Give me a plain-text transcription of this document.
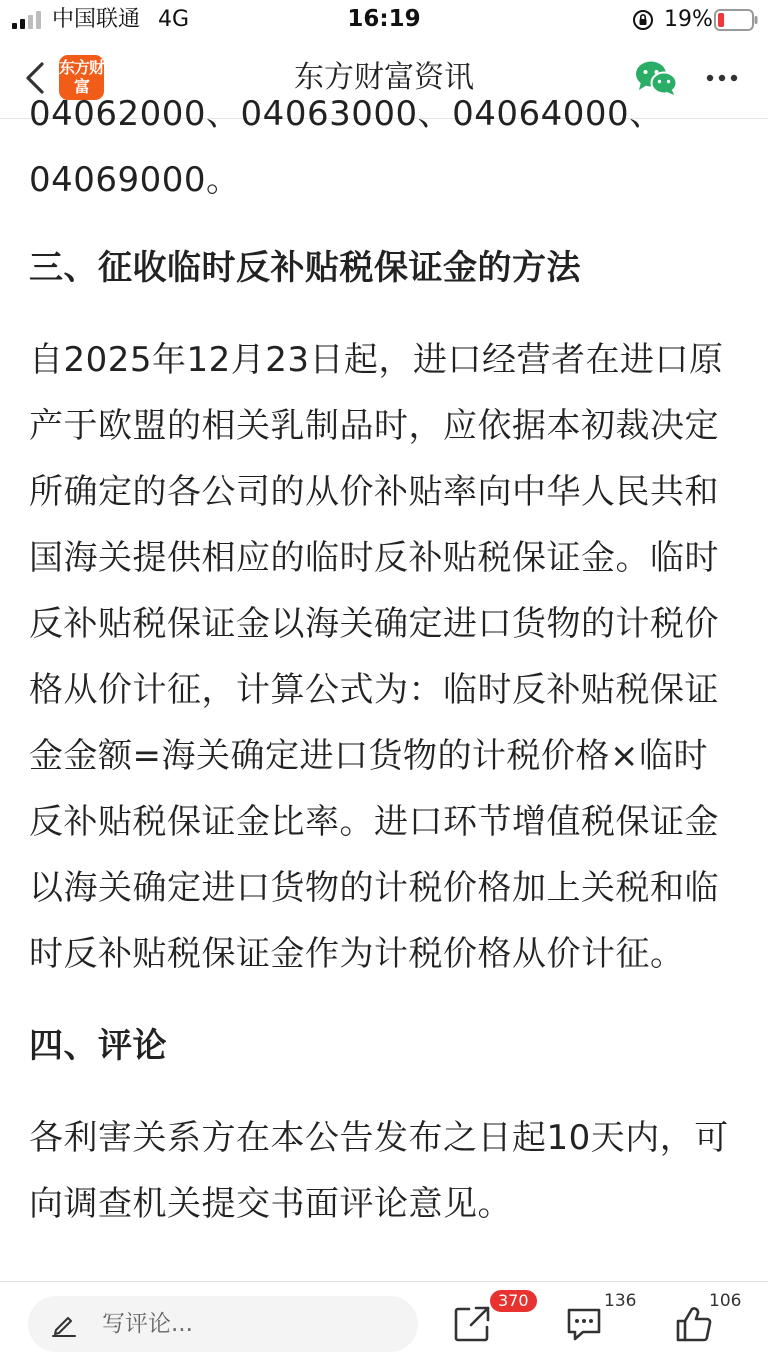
中国联通 4G	16:19	19%
东方财富	东方财富资讯

04062000、04063000、04064000、

04069000。

三、征收临时反补贴税保证金的方法

自2025年12月23日起，进口经营者在进口原产于欧盟的相关乳制品时，应依据本初裁决定所确定的各公司的从价补贴率向中华人民共和国海关提供相应的临时反补贴税保证金。临时反补贴税保证金以海关确定进口货物的计税价格从价计征，计算公式为：临时反补贴税保证金金额=海关确定进口货物的计税价格×临时反补贴税保证金比率。进口环节增值税保证金以海关确定进口货物的计税价格加上关税和临时反补贴税保证金作为计税价格从价计征。

四、评论

各利害关系方在本公告发布之日起10天内，可向调查机关提交书面评论意见。

写评论...
370	136	106
